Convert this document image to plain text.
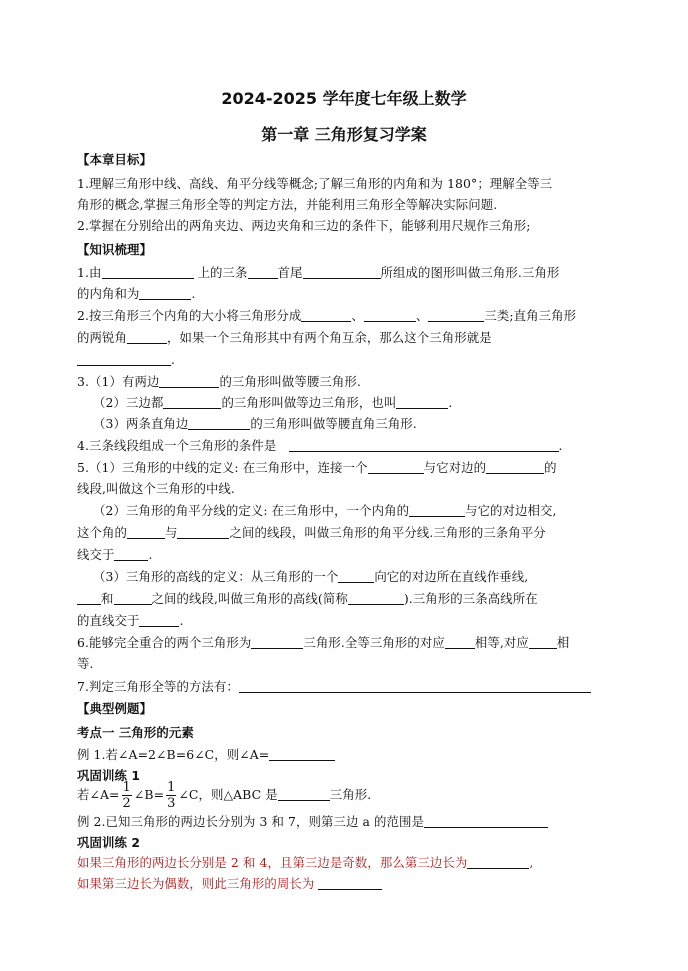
2024-2025 学年度七年级上数学
第一章 三角形复习学案
【本章目标】
1.理解三角形中线、高线、角平分线等概念;了解三角形的内角和为 180°；理解全等三
角形的概念,掌握三角形全等的判定方法，并能利用三角形全等解决实际问题.
2.掌握在分别给出的两角夹边、两边夹角和三边的条件下，能够利用尺规作三角形;
【知识梳理】
1.由	上的三条 首尾	所组成的图形叫做三角形.三角形
的内角和为	.
2.按三角形三个内角的大小将三角形分成	、	、	三类;直角三角形
的两锐角	，如果一个三角形其中有两个角互余，那么这个三角形就是
.
3.（1）有两边	的三角形叫做等腰三角形.
（2）三边都	的三角形叫做等边三角形，也叫	.
（3）两条直角边	的三角形叫做等腰直角三角形.
4.三条线段组成一个三角形的条件是	.
5.（1）三角形的中线的定义: 在三角形中，连接一个	与它对边的	的
线段,叫做这个三角形的中线.
（2）三角形的角平分线的定义: 在三角形中，一个内角的	与它的对边相交,
这个角的	与	之间的线段，叫做三角形的角平分线.三角形的三条角平分
线交于	.
（3）三角形的高线的定义：从三角形的一个	向它的对边所在直线作垂线,
和	之间的线段,叫做三角形的高线(简称	).三角形的三条高线所在
的直线交于	.
6.能够完全重合的两个三角形为	三角形.全等三角形的对应 相等,对应 相
等.
7.判定三角形全等的方法有：
【典型例题】
考点一 三角形的元素
例 1.若∠A=2∠B=6∠C，则∠A=
巩固训练 1
若∠A= $\frac{1}{2}$ ∠B= $\frac{1}{3}$ ∠C，则△ABC 是	三角形.
例 2.已知三角形的两边长分别为 3 和 7，则第三边 a 的范围是
巩固训练 2
如果三角形的两边长分别是 2 和 4，且第三边是奇数，那么第三边长为	,
如果第三边长为偶数，则此三角形的周长为
